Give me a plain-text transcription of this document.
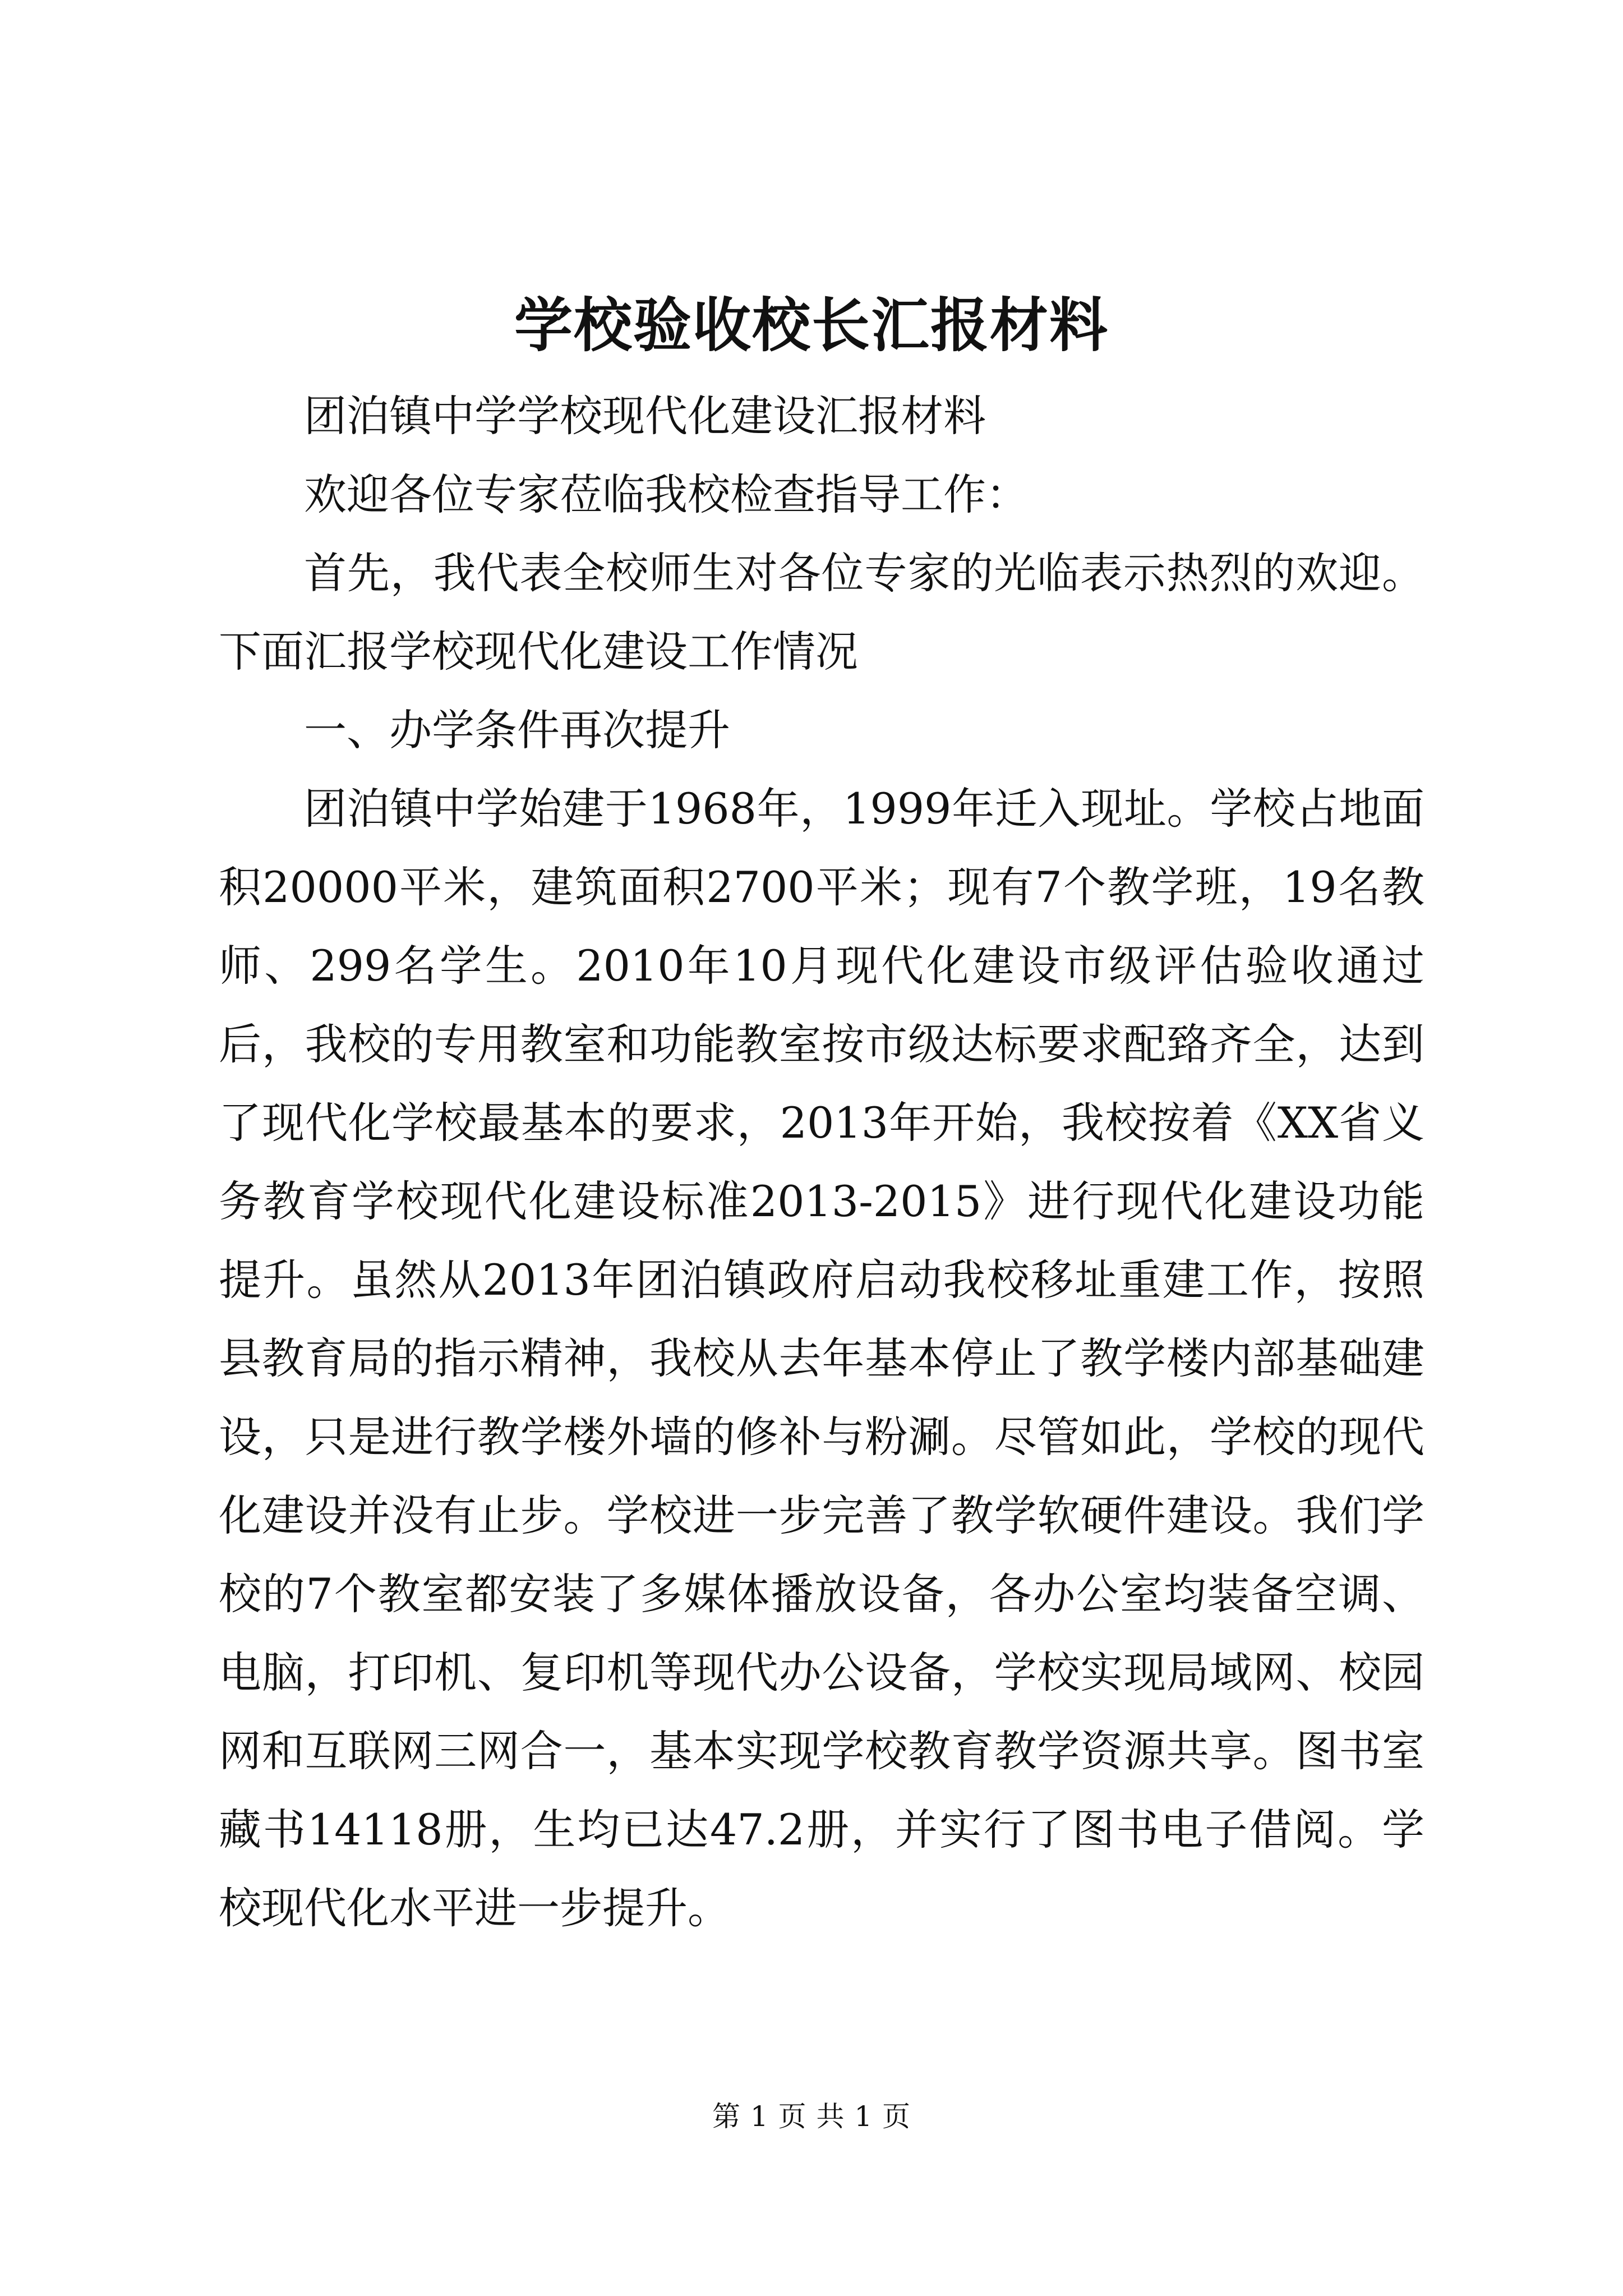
学校验收校长汇报材料

团泊镇中学学校现代化建设汇报材料

欢迎各位专家莅临我校检查指导工作：

首先，我代表全校师生对各位专家的光临表示热烈的欢迎。下面汇报学校现代化建设工作情况

一、办学条件再次提升

团泊镇中学始建于1968年，1999年迁入现址。学校占地面积20000平米，建筑面积2700平米；现有7个教学班，19名教师、299名学生。2010年10月现代化建设市级评估验收通过后，我校的专用教室和功能教室按市级达标要求配臵齐全，达到了现代化学校最基本的要求，2013年开始，我校按着《XX省义务教育学校现代化建设标准2013-2015》进行现代化建设功能提升。虽然从2013年团泊镇政府启动我校移址重建工作，按照县教育局的指示精神，我校从去年基本停止了教学楼内部基础建设，只是进行教学楼外墙的修补与粉涮。尽管如此，学校的现代化建设并没有止步。学校进一步完善了教学软硬件建设。我们学校的7个教室都安装了多媒体播放设备，各办公室均装备空调、电脑，打印机、复印机等现代办公设备，学校实现局域网、校园网和互联网三网合一，基本实现学校教育教学资源共享。图书室藏书14118册，生均已达47.2册，并实行了图书电子借阅。学校现代化水平进一步提升。

第 1 页 共 1 页
